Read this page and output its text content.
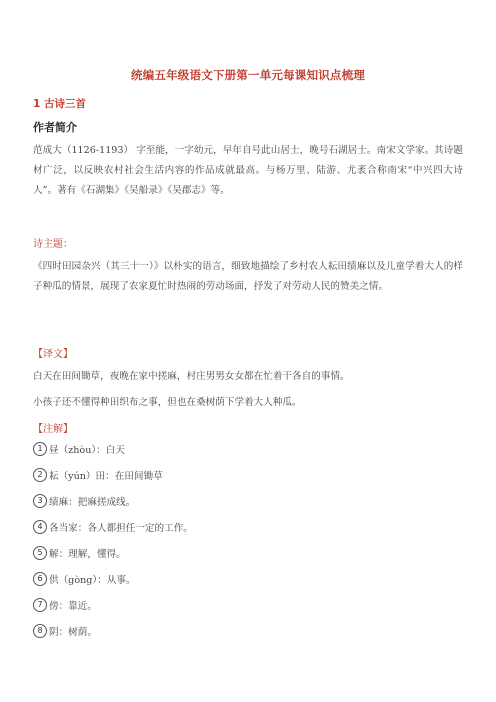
统编五年级语文下册第一单元每课知识点梳理
1 古诗三首
作者简介
范成大（1126-1193） 字至能，一字幼元，早年自号此山居士，晚号石湖居士。南宋文学家。其诗题材广泛，以反映农村社会生活内容的作品成就最高。与杨万里、陆游、尤袤合称南宋“中兴四大诗人”。著有《石湖集》《吴船录》《吴郡志》等。
诗主题：
《四时田园杂兴（其三十一）》以朴实的语言，细致地描绘了乡村农人耘田绩麻以及儿童学着大人的样子种瓜的情景，展现了农家夏忙时热闹的劳动场面，抒发了对劳动人民的赞美之情。
【译文】
白天在田间锄草，夜晚在家中搓麻，村庄男男女女都在忙着干各自的事情。
小孩子还不懂得种田织布之事，但也在桑树荫下学着大人种瓜。
【注解】
1 昼（zhòu）：白天
2 耘（yún）田：在田间锄草
3 绩麻：把麻搓成线。
4 各当家：各人都担任一定的工作。
5 解：理解，懂得。
6 供（gòng）：从事。
7 傍：靠近。
8 阴：树荫。
